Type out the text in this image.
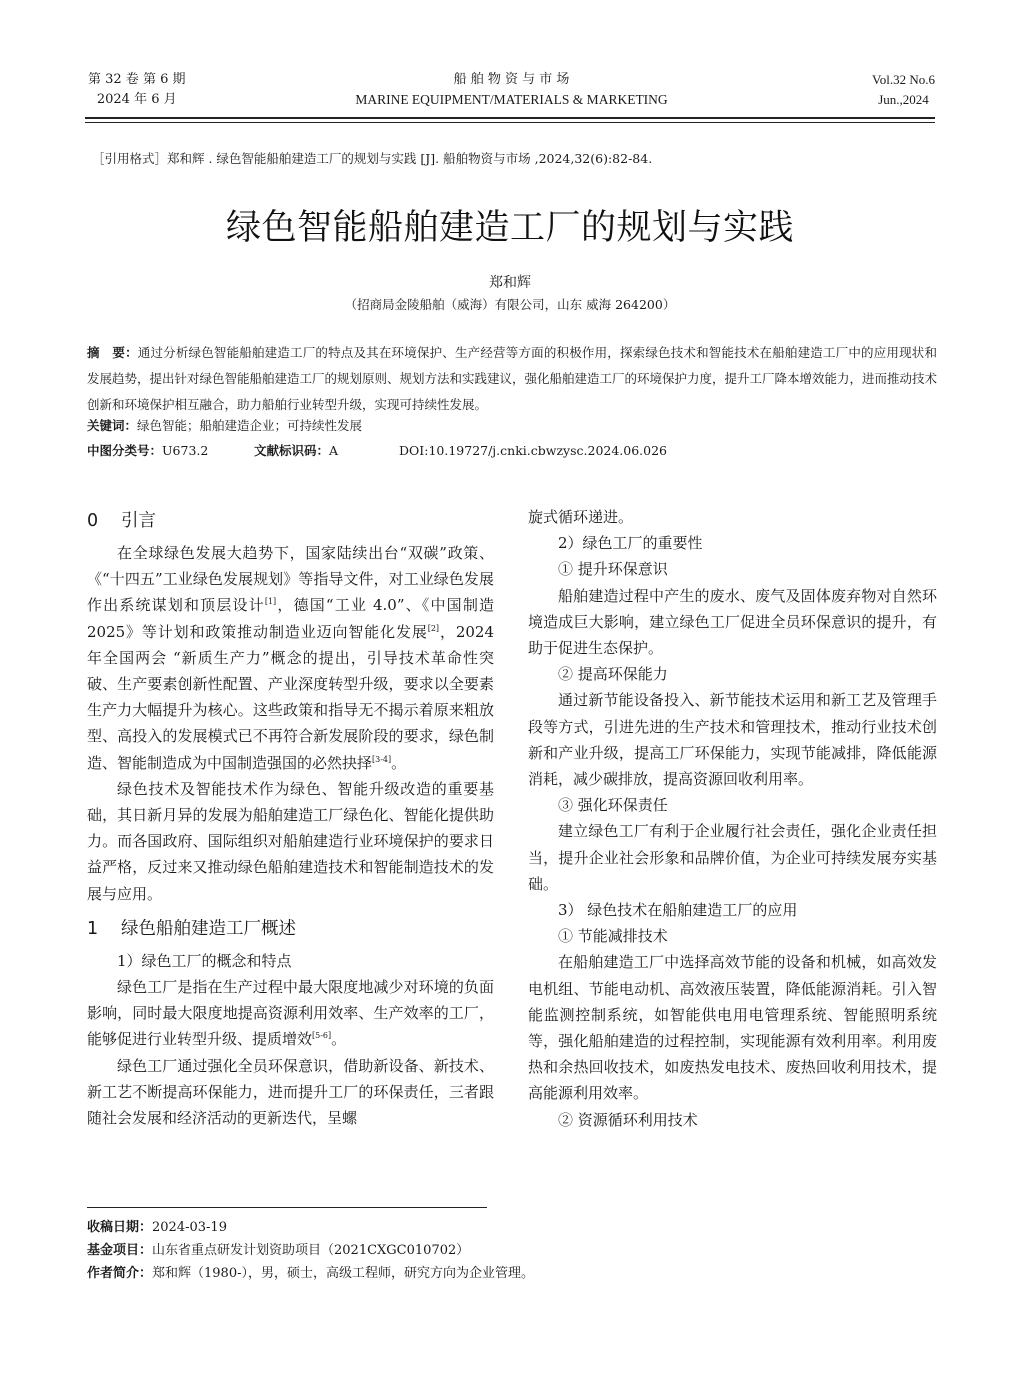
第 32 卷 第 6 期
2024 年 6 月
船 舶 物 资 与 市 场
MARINE EQUIPMENT/MATERIALS & MARKETING
Vol.32 No.6
Jun.,2024
［引用格式］郑和辉 . 绿色智能船舶建造工厂的规划与实践 [J]. 船舶物资与市场 ,2024,32(6):82-84.
绿色智能船舶建造工厂的规划与实践
郑和辉
（招商局金陵船舶（威海）有限公司，山东 威海 264200）
摘　要：通过分析绿色智能船舶建造工厂的特点及其在环境保护、生产经营等方面的积极作用，探索绿色技术和智能技术在船舶建造工厂中的应用现状和发展趋势，提出针对绿色智能船舶建造工厂的规划原则、规划方法和实践建议，强化船舶建造工厂的环境保护力度，提升工厂降本增效能力，进而推动技术创新和环境保护相互融合，助力船舶行业转型升级，实现可持续性发展。
关键词：绿色智能；船舶建造企业；可持续性发展
中图分类号：U673.2	文献标识码：A	DOI:10.19727/j.cnki.cbwzysc.2024.06.026
0 引言

在全球绿色发展大趋势下，国家陆续出台“双碳”政策、《“十四五”工业绿色发展规划》等指导文件，对工业绿色发展作出系统谋划和顶层设计[1]，德国“工业 4.0”、《中国制造 2025》等计划和政策推动制造业迈向智能化发展[2]，2024 年全国两会 “新质生产力”概念的提出，引导技术革命性突破、生产要素创新性配置、产业深度转型升级，要求以全要素生产力大幅提升为核心。这些政策和指导无不揭示着原来粗放型、高投入的发展模式已不再符合新发展阶段的要求，绿色制造、智能制造成为中国制造强国的必然抉择[3-4]。

绿色技术及智能技术作为绿色、智能升级改造的重要基础，其日新月异的发展为船舶建造工厂绿色化、智能化提供助力。而各国政府、国际组织对船舶建造行业环境保护的要求日益严格，反过来又推动绿色船舶建造技术和智能制造技术的发展与应用。

1 绿色船舶建造工厂概述

1）绿色工厂的概念和特点

绿色工厂是指在生产过程中最大限度地减少对环境的负面影响，同时最大限度地提高资源利用效率、生产效率的工厂，能够促进行业转型升级、提质增效[5-6]。

绿色工厂通过强化全员环保意识，借助新设备、新技术、新工艺不断提高环保能力，进而提升工厂的环保责任，三者跟随社会发展和经济活动的更新迭代，呈螺

旋式循环递进。

2）绿色工厂的重要性

① 提升环保意识

船舶建造过程中产生的废水、废气及固体废弃物对自然环境造成巨大影响，建立绿色工厂促进全员环保意识的提升，有助于促进生态保护。

② 提高环保能力

通过新节能设备投入、新节能技术运用和新工艺及管理手段等方式，引进先进的生产技术和管理技术，推动行业技术创新和产业升级，提高工厂环保能力，实现节能减排，降低能源消耗，减少碳排放，提高资源回收利用率。

③ 强化环保责任

建立绿色工厂有利于企业履行社会责任，强化企业责任担当，提升企业社会形象和品牌价值，为企业可持续发展夯实基础。

3） 绿色技术在船舶建造工厂的应用

① 节能减排技术

在船舶建造工厂中选择高效节能的设备和机械，如高效发电机组、节能电动机、高效液压装置，降低能源消耗。引入智能监测控制系统，如智能供电用电管理系统、智能照明系统等，强化船舶建造的过程控制，实现能源有效利用率。利用废热和余热回收技术，如废热发电技术、废热回收利用技术，提高能源利用效率。

② 资源循环利用技术

收稿日期：2024-03-19
基金项目：山东省重点研发计划资助项目（2021CXGC010702）
作者简介：郑和辉（1980-），男，硕士，高级工程师，研究方向为企业管理。
